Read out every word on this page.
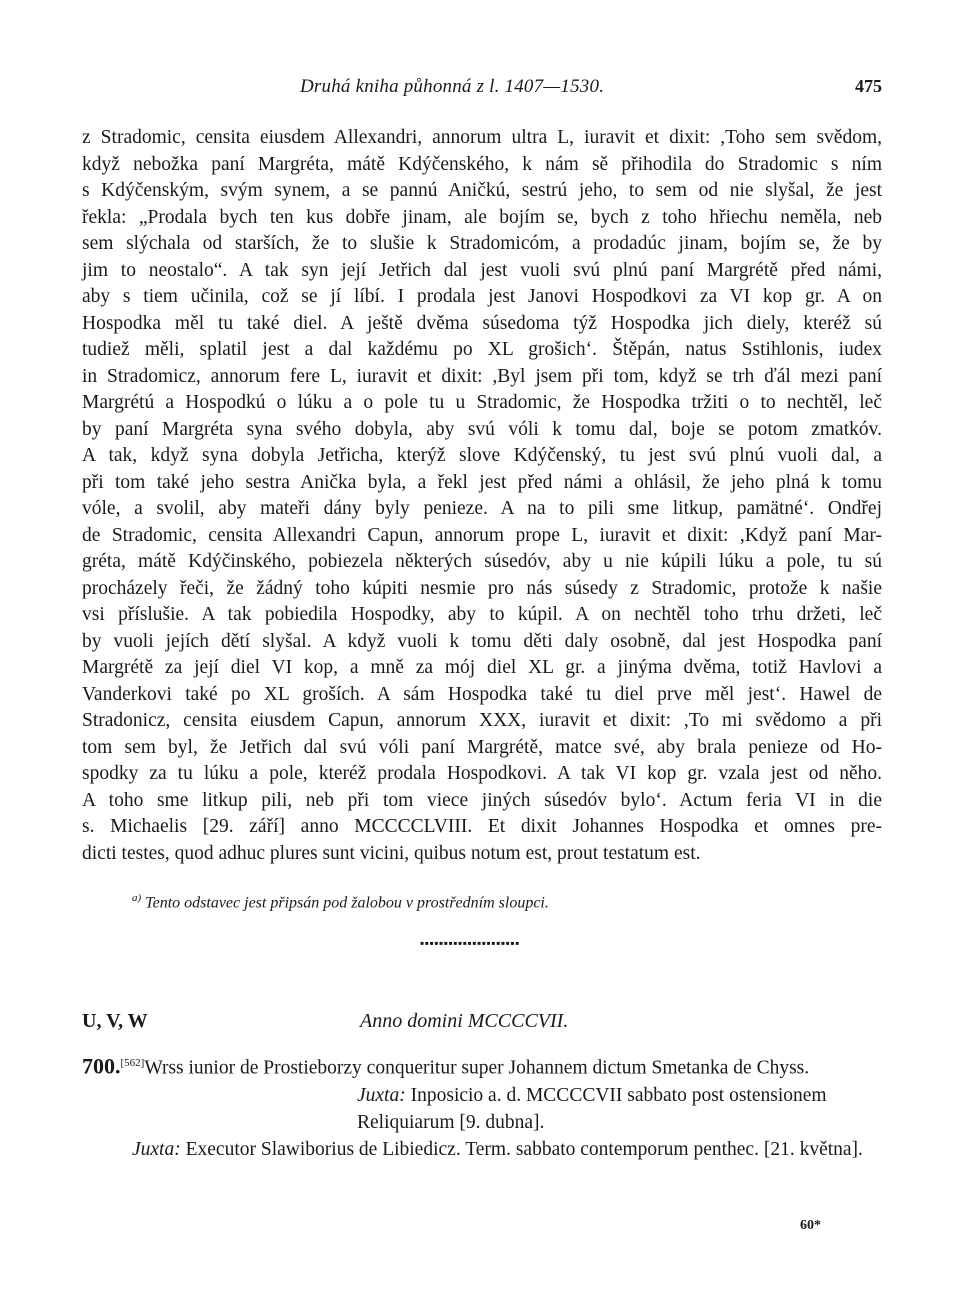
Druhá kniha půhonná z l. 1407—1530.	475
z Stradomic, censita eiusdem Allexandri, annorum ultra L, iuravit et dixit: ,Toho sem svědom,
když nebožka paní Margréta, mátě Kdýčenského, k nám sě přihodila do Stradomic s ním
s Kdýčenským, svým synem, a se pannú Aničkú, sestrú jeho, to sem od nie slyšal, že jest
řekla: „Prodala bych ten kus dobře jinam, ale bojím se, bych z toho hřiechu neměla, neb
sem slýchala od starších, že to slušie k Stradomicóm, a prodadúc jinam, bojím se, že by
jim to neostalo“. A tak syn její Jetřich dal jest vuoli svú plnú paní Margrétě před námi,
aby s tiem učinila, což se jí líbí. I prodala jest Janovi Hospodkovi za VI kop gr. A on
Hospodka měl tu také diel. A ještě dvěma súsedoma týž Hospodka jich diely, kteréž sú
tudiež měli, splatil jest a dal každému po XL grošich‘. Štěpán, natus Sstihlonis, iudex
in Stradomicz, annorum fere L, iuravit et dixit: ,Byl jsem při tom, když se trh ďál mezi paní
Margrétú a Hospodkú o lúku a o pole tu u Stradomic, že Hospodka tržiti o to nechtěl, leč
by paní Margréta syna svého dobyla, aby svú vóli k tomu dal, boje se potom zmatkóv.
A tak, když syna dobyla Jetřicha, kterýž slove Kdýčenský, tu jest svú plnú vuoli dal, a
při tom také jeho sestra Anička byla, a řekl jest před námi a ohlásil, že jeho plná k tomu
vóle, a svolil, aby mateři dány byly penieze. A na to pili sme litkup, pamätné‘. Ondřej
de Stradomic, censita Allexandri Capun, annorum prope L, iuravit et dixit: ,Když paní Mar-
gréta, mátě Kdýčinského, pobiezela některých súsedóv, aby u nie kúpili lúku a pole, tu sú
procházely řeči, že žádný toho kúpiti nesmie pro nás súsedy z Stradomic, protože k našie
vsi příslušie. A tak pobiedila Hospodky, aby to kúpil. A on nechtěl toho trhu držeti, leč
by vuoli jejích dětí slyšal. A když vuoli k tomu děti daly osobně, dal jest Hospodka paní
Margrétě za její diel VI kop, a mně za mój diel XL gr. a jinýma dvěma, totiž Havlovi a
Vanderkovi také po XL groších. A sám Hospodka také tu diel prve měl jest‘. Hawel de
Stradonicz, censita eiusdem Capun, annorum XXX, iuravit et dixit: ,To mi svědomo a při
tom sem byl, že Jetřich dal svú vóli paní Margrétě, matce své, aby brala penieze od Ho-
spodky za tu lúku a pole, kteréž prodala Hospodkovi. A tak VI kop gr. vzala jest od něho.
A toho sme litkup pili, neb při tom viece jiných súsedóv bylo‘. Actum feria VI in die
s. Michaelis [29. září] anno MCCCCLVIII. Et dixit Johannes Hospodka et omnes pre-
dicti testes, quod adhuc plures sunt vicini, quibus notum est, prout testatum est.
$^{a)}$ Tento odstavec jest připsán pod žalobou v prostředním sloupci.
▪▪▪▪▪▪▪▪▪▪▪▪▪▪▪▪▪▪▪▪▪
U, V, W	Anno domini MCCCCVII.
700.[562]Wrss iunior de Prostieborzy conqueritur super Johannem dictum Smetanka de Chyss.
Juxta: Inposicio a. d. MCCCCVII sabbato post ostensionem Reliquiarum [9. dubna].
Juxta: Executor Slawiborius de Libiedicz. Term. sabbato contemporum penthec. [21. května].
60*
